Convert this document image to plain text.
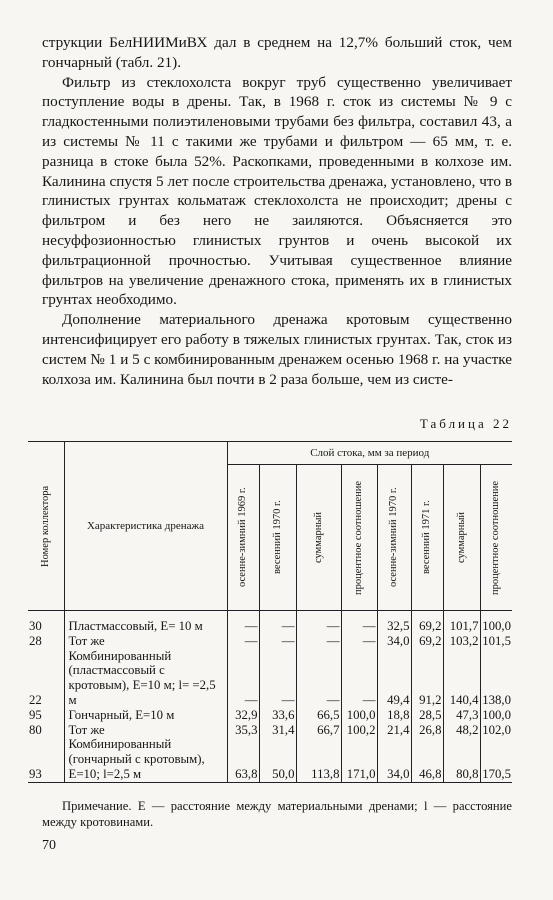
струкции БелНИИМиВХ дал в среднем на 12,7% больший сток, чем гончарный (табл. 21).

Фильтр из стеклохолста вокруг труб существенно увеличивает поступление воды в дрены. Так, в 1968 г. сток из системы № 9 с гладкостенными полиэтиленовыми трубами без фильтра, составил 43, а из системы № 11 с такими же трубами и фильтром — 65 мм, т. е. разница в стоке была 52%. Раскопками, проведенными в колхозе им. Калинина спустя 5 лет после строительства дренажа, установлено, что в глинистых грунтах кольматаж стеклохолста не происходит; дрены с фильтром и без него не заиляются. Объясняется это несуффозионностью глинистых грунтов и очень высокой их фильтрационной прочностью. Учитывая существенное влияние фильтров на увеличение дренажного стока, применять их в глинистых грунтах необходимо.

Дополнение материального дренажа кротовым существенно интенсифицирует его работу в тяжелых глинистых грунтах. Так, сток из систем № 1 и 5 с комбинированным дренажем осенью 1968 г. на участке колхоза им. Калинина был почти в 2 раза больше, чем из систе-

Таблица 22
Номер коллектора	Характеристика дренажа	Слой стока, мм за период							

		осенне-зимний 1969 г.	весенний 1970 г.	суммарный	процентное соотношение	осенне-зимний 1970 г.	весенний 1971 г.	суммарный	процентное соотношение

30	Пластмассовый, E= 10 м	—	—	—	—	32,5	69,2	101,7	100,0
28	Тот же	—	—	—	—	34,0	69,2	103,2	101,5
22	Комбинированный (пластмассовый с кротовым), E=10 м; l= =2,5 м	—	—	—	—	49,4	91,2	140,4	138,0
95	Гончарный, E=10 м	32,9	33,6	66,5	100,0	18,8	28,5	47,3	100,0
80	Тот же	35,3	31,4	66,7	100,2	21,4	26,8	48,2	102,0
93	Комбинированный (гончарный с кротовым), E=10; l=2,5 м	63,8	50,0	113,8	171,0	34,0	46,8	80,8	170,5

Примечание. E — расстояние между материальными дренами; l — расстояние между кротовинами.

70
